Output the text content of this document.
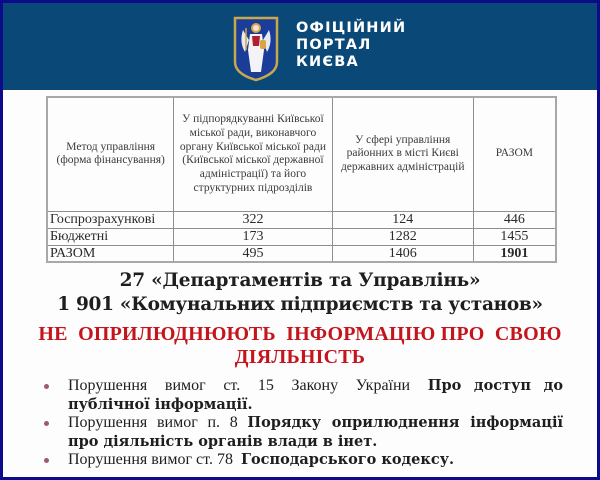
ОФІЦІЙНИЙ
ПОРТАЛ
КИЄВА
Метод управління (форма фінансування)	У підпорядкуванні Київської міської ради, виконавчого органу Київської міської ради (Київської міської державної адміністрації) та його структурних підрозділів	У сфері управління районних в місті Києві державних адміністрацій	РАЗОМ
Госпрозрахункові	322	124	446
Бюджетні	173	1282	1455
РАЗОМ	495	1406	1901
27 «Департаментів та Управлінь»
1 901 «Комунальних підприємств та установ»
НЕ  ОПРИЛЮДНЮЮТЬ  ІНФОРМАЦІЮ ПРО  СВОЮ
ДІЯЛЬНІСТЬ
Порушення вимог ст. 15 Закону України Про доступ до публічної інформації.
Порушення вимог п. 8 Порядку оприлюднення інформації про діяльність органів влади в інет.
Порушення вимог ст. 78  Господарського кодексу.
